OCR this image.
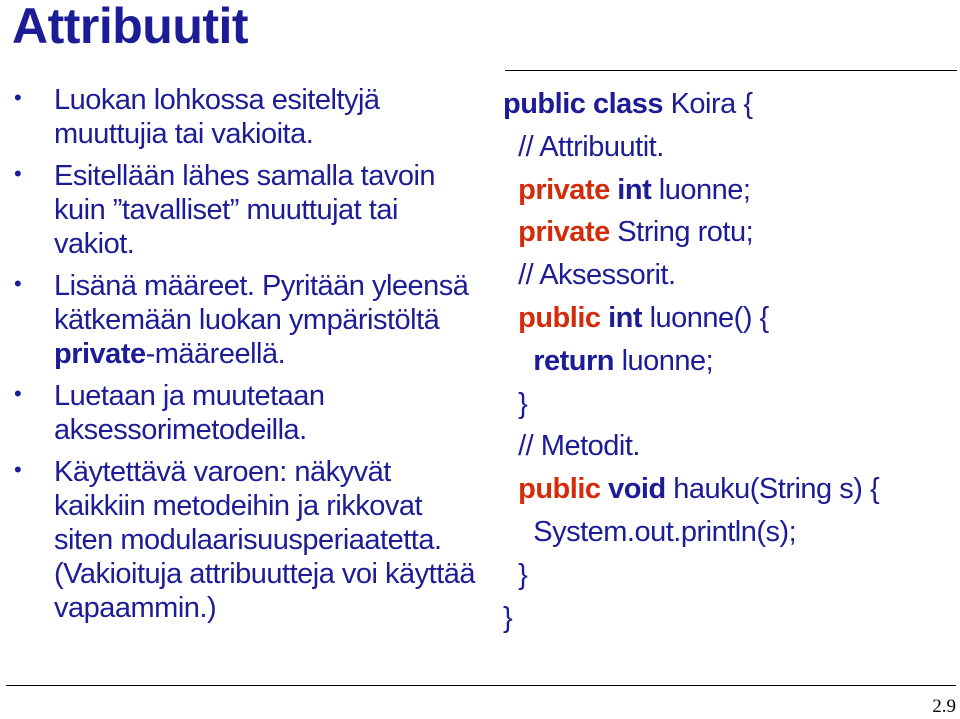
Attribuutit
• Luokan lohkossa esiteltyjä muuttujia tai vakioita.
• Esitellään lähes samalla tavoin kuin ”tavalliset” muuttujat tai vakiot.
• Lisänä määreet. Pyritään yleensä kätkemään luokan ympäristöltä private-määreellä.
• Luetaan ja muutetaan aksessorimetodeilla.
• Käytettävä varoen: näkyvät kaikkiin metodeihin ja rikkovat siten modulaarisuusperiaatetta. (Vakioituja attribuutteja voi käyttää vapaammin.)
public class Koira {
// Attribuutit.
private int luonne;
private String rotu;
// Aksessorit.
public int luonne() {
return luonne;
}
// Metodit.
public void hauku(String s) {
System.out.println(s);
}
}
2.9
